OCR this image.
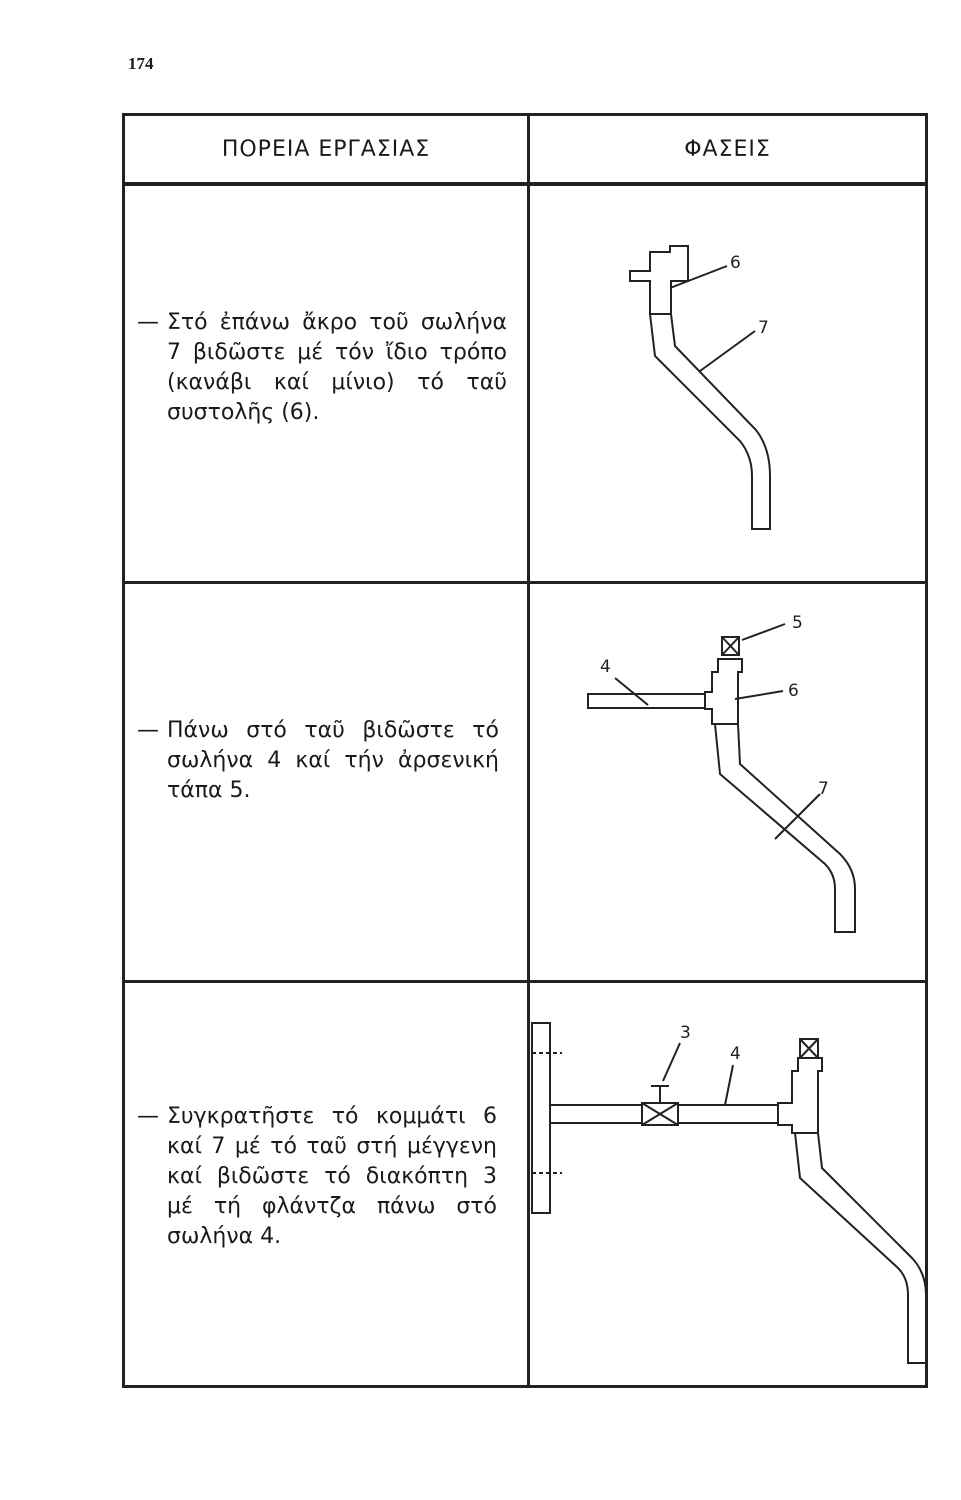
174
ΠΟΡΕΙΑ ΕΡΓΑΣΙΑΣ	ΦΑΣΕΙΣ
— Στό ἐπάνω ἄκρο τοῦ σωλήνα 7 βιδῶστε μέ τόν ἴδιο τρόπο (κανάβι καί μίνιο) τό ταῦ συστολῆς (6).
— Πάνω στό ταῦ βιδῶστε τό σωλήνα 4 καί τήν ἀρσενική τάπα 5.
— Συγκρατῆστε τό κομμάτι 6 καί 7 μέ τό ταῦ στή μέγγενη καί βιδῶστε τό διακόπτη 3 μέ τή φλάντζα πάνω στό σωλήνα 4.
6
7
5
4
6
7
3
4
